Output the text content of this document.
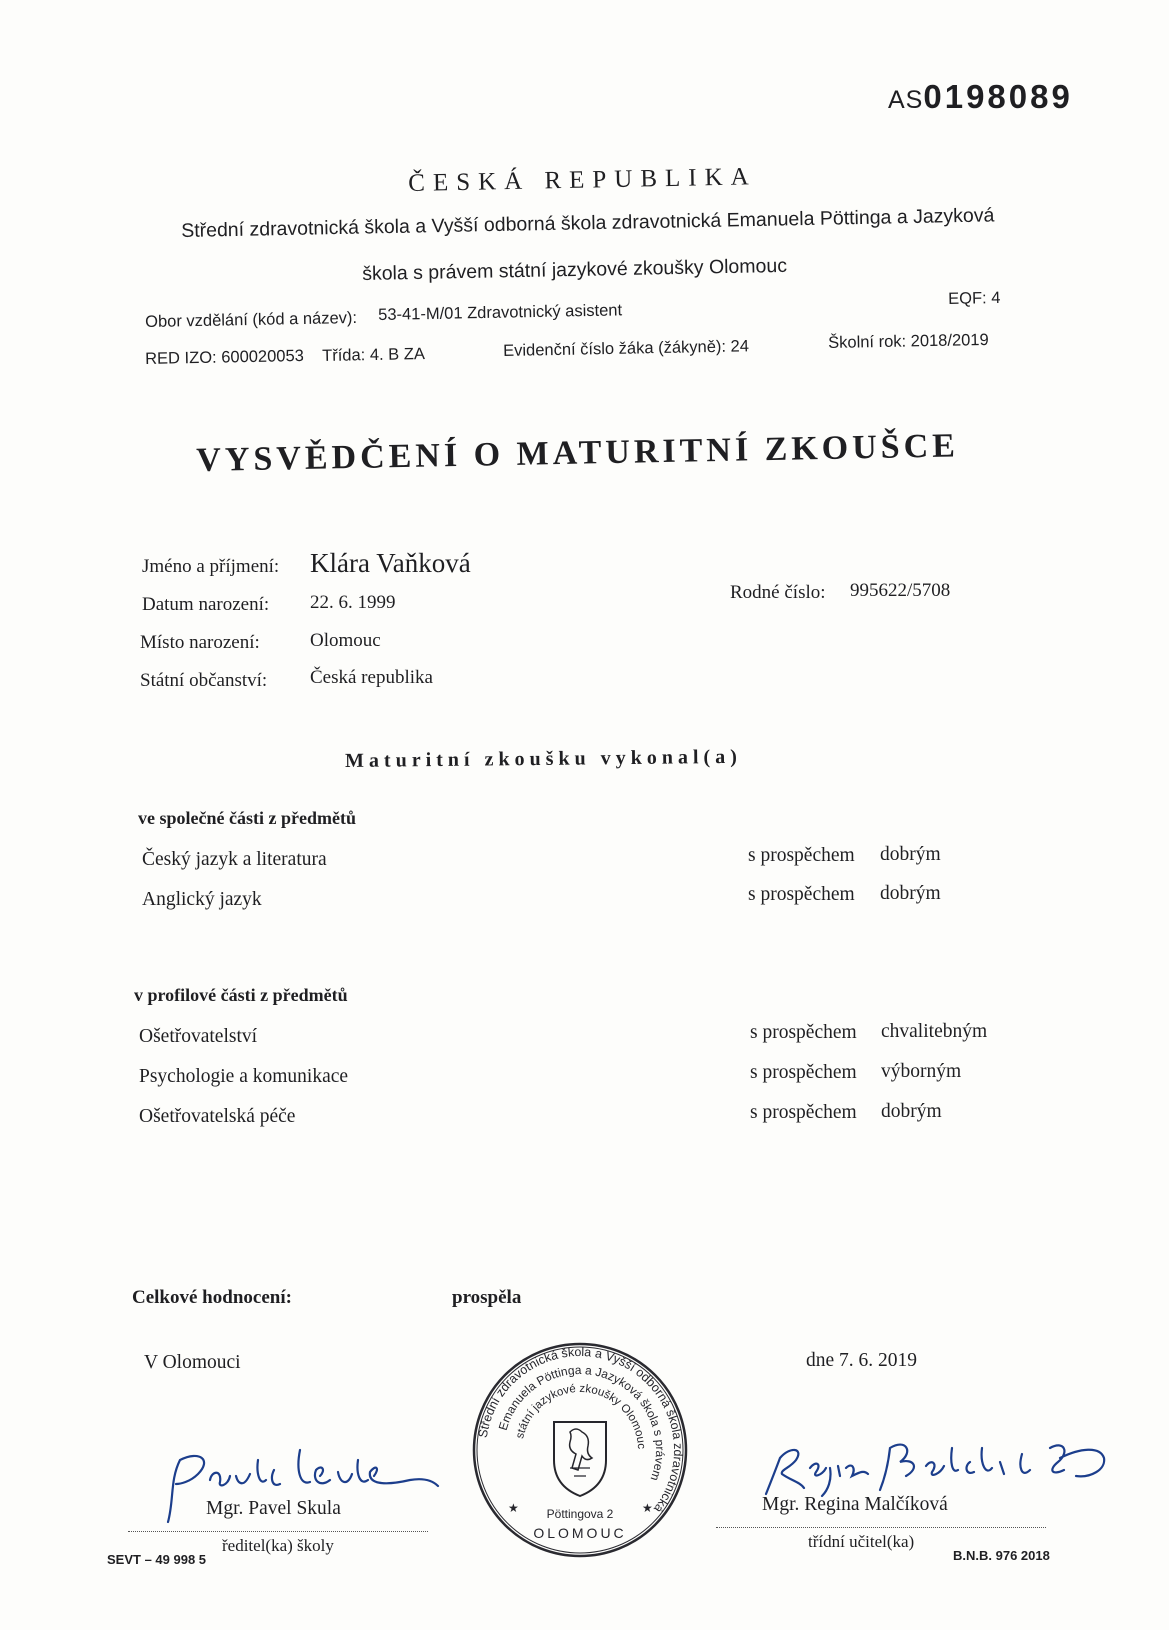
AS0198089
ČESKÁ REPUBLIKA
Střední zdravotnická škola a Vyšší odborná škola zdravotnická Emanuela Pöttinga a Jazyková
škola s právem státní jazykové zkoušky Olomouc
EQF: 4
Obor vzdělání (kód a název): 53-41-M/01 Zdravotnický asistent
RED IZO: 600020053 Třída: 4. B ZA	Evidenční číslo žáka (žákyně): 24	Školní rok: 2018/2019
VYSVĚDČENÍ O MATURITNÍ ZKOUŠCE
Jméno a příjmení: Klára Vaňková
Datum narození: 22. 6. 1999	Rodné číslo: 995622/5708
Místo narození:	Olomouc
Státní občanství: Česká republika
Maturitní zkoušku vykonal(a)
ve společné části z předmětů
Český jazyk a literatura	s prospěchem dobrým
Anglický jazyk	s prospěchem dobrým
v profilové části z předmětů
Ošetřovatelství	s prospěchem chvalitebným
Psychologie a komunikace	s prospěchem výborným
Ošetřovatelská péče	s prospěchem dobrým
Celkové hodnocení:	prospěla
V Olomouci	dne 7. 6. 2019
Střední zdravotnická škola a Vyšší odborná škola zdravotnická
Emanuela Pöttinga a Jazyková škola s právem
státní jazykové zkoušky Olomouc
Pöttingova 2
OLOMOUC
★	★
Mgr. Pavel Skula
ředitel(ka) školy
Mgr. Regina Malčíková
třídní učitel(ka)
SEVT – 49 998 5	B.N.B. 976 2018
